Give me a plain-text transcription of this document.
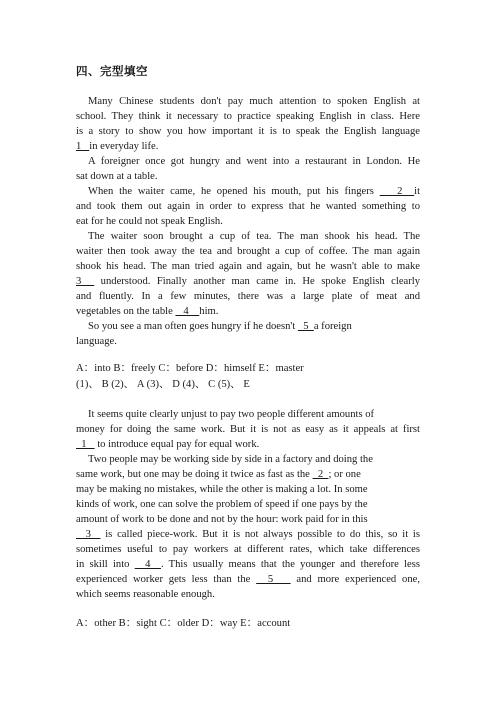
四、完型填空
Many Chinese students don't pay much attention to spoken English at
school. They think it necessary to practice speaking English in class. Here
is a story to show you how important it is to speak the English language
1   in everyday life.
A foreigner once got hungry and went into a restaurant in London. He
sat down at a table.
When the waiter came, he opened his mouth, put his fingers    2  it
and took them out again in order to express that he wanted something to
eat for he could not speak English.
The waiter soon brought a cup of tea. The man shook his head. The
waiter then took away the tea and brought a cup of coffee. The man again
shook his head. The man tried again and again, but he wasn't able to make
3   understood. Finally another man came in. He spoke English clearly
and fluently. In a few minutes, there was a large plate of meat and
vegetables on the table    4    him.
So you see a man often goes hungry if he doesn't   5  a foreign
language.
A：into B：freely C：before D：himself E：master
(1)、 B (2)、 A (3)、 D (4)、 C (5)、 E
It seems quite clearly unjust to pay two people different amounts of
money for doing the same work. But it is not as easy as it appeals at first
1    to introduce equal pay for equal work.
Two people may be working side by side in a factory and doing the
same work, but one may be doing it twice as fast as the   2  ; or one
may be making no mistakes, while the other is making a lot. In some
kinds of work, one can solve the problem of speed if one pays by the
amount of work to be done and not by the hour: work paid for in this
3   is called piece-work. But it is not always possible to do this, so it is
sometimes useful to pay workers at different rates, which take differences
in skill into   4  . This usually means that the younger and therefore less
experienced worker gets less than the   5    and more experienced one,
which seems reasonable enough.
A：other B：sight C：older D：way E：account
